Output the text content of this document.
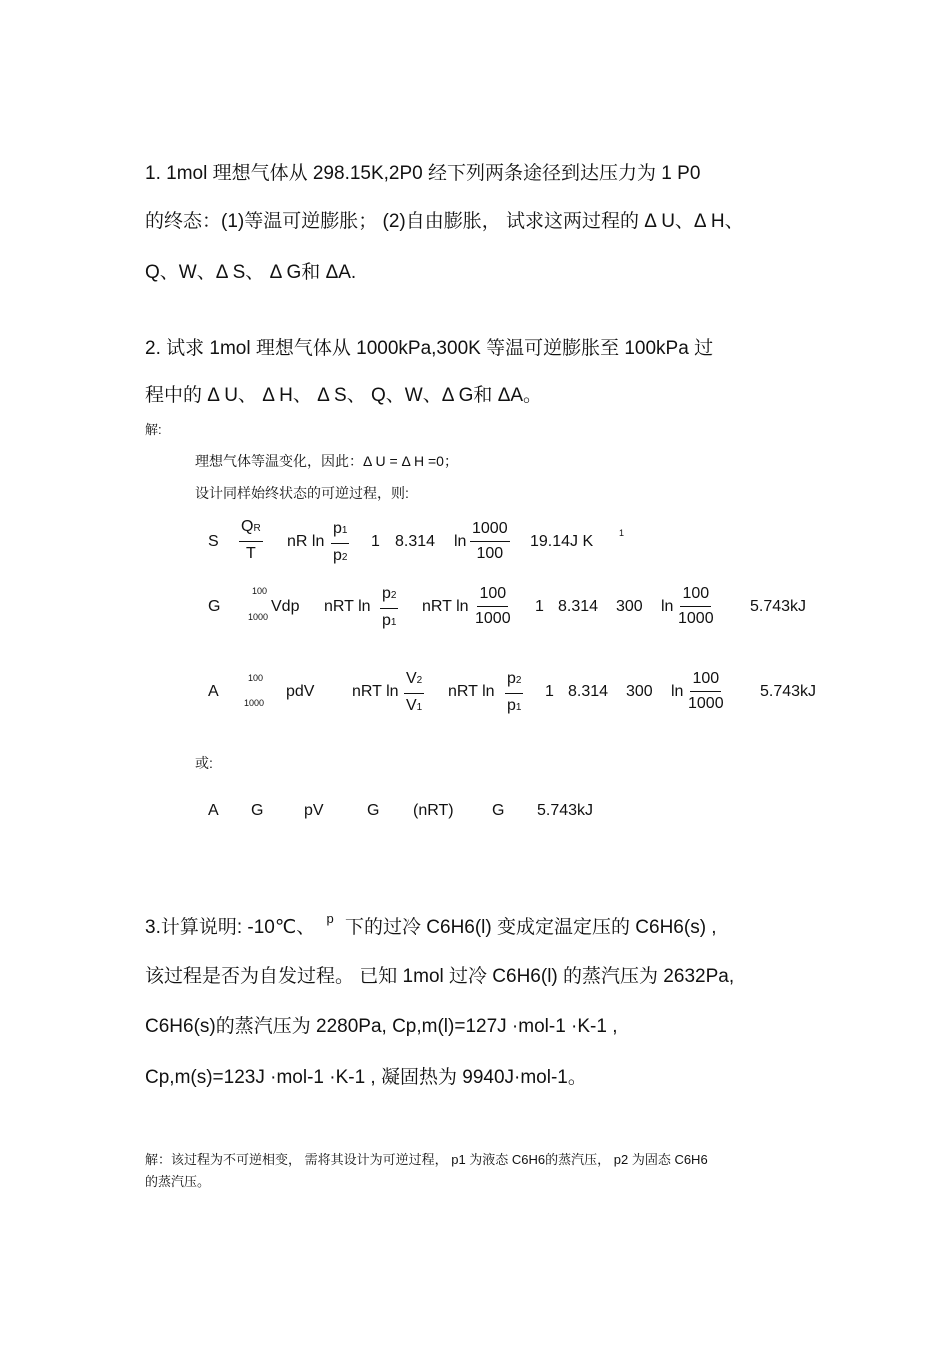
1. 1mol 理想气体从 298.15K,2P0 经下列两条途径到达压力为 1 P0
的终态：(1)等温可逆膨胀； (2)自由膨胀， 试求这两过程的 Δ U、Δ H、
Q、W、Δ S、 Δ G和 ΔA.
2. 试求 1mol 理想气体从 1000kPa,300K 等温可逆膨胀至 100kPa 过
程中的 Δ U、 Δ H、 Δ S、 Q、W、Δ G和 ΔA。
解:
理想气体等温变化，因此：Δ U = Δ H =0；
设计同样始终状态的可逆过程，则:
S $\frac{QR}{T}$ nR $\ln \frac{p1}{p2} 1$ 8.314 $\ln \frac{1000}{100} 19.14J$ K	1
G
100
1000
Vdp nRT $\ln \frac{p2}{p1}$ nRT $\ln \frac{100}{1000} 1$ 8.314 300 $\ln \frac{100}{1000} 5.743kJ$
A
100
1000
pdV nRT $\ln \frac{V2}{V1}$ nRT $\ln \frac{p2}{p1} 1$ 8.314 300 $\ln \frac{100}{1000} 5.743kJ$
或:
A G	pV	G (nRT) G 5.743kJ
3.计算说明: -10℃、 $^p$ 下的过冷 C6H6(l) 变成定温定压的 C6H6(s) ,
该过程是否为自发过程。 已知 1mol 过冷 C6H6(l) 的蒸汽压为 2632Pa,
C6H6(s)的蒸汽压为 2280Pa, Cp,m(l)=127J ·mol-1 ·K-1 ,
Cp,m(s)=123J ·mol-1 ·K-1 , 凝固热为 9940J·mol-1。
解：该过程为不可逆相变， 需将其设计为可逆过程， p1 为液态 C6H6的蒸汽压， p2 为固态 C6H6
的蒸汽压。
